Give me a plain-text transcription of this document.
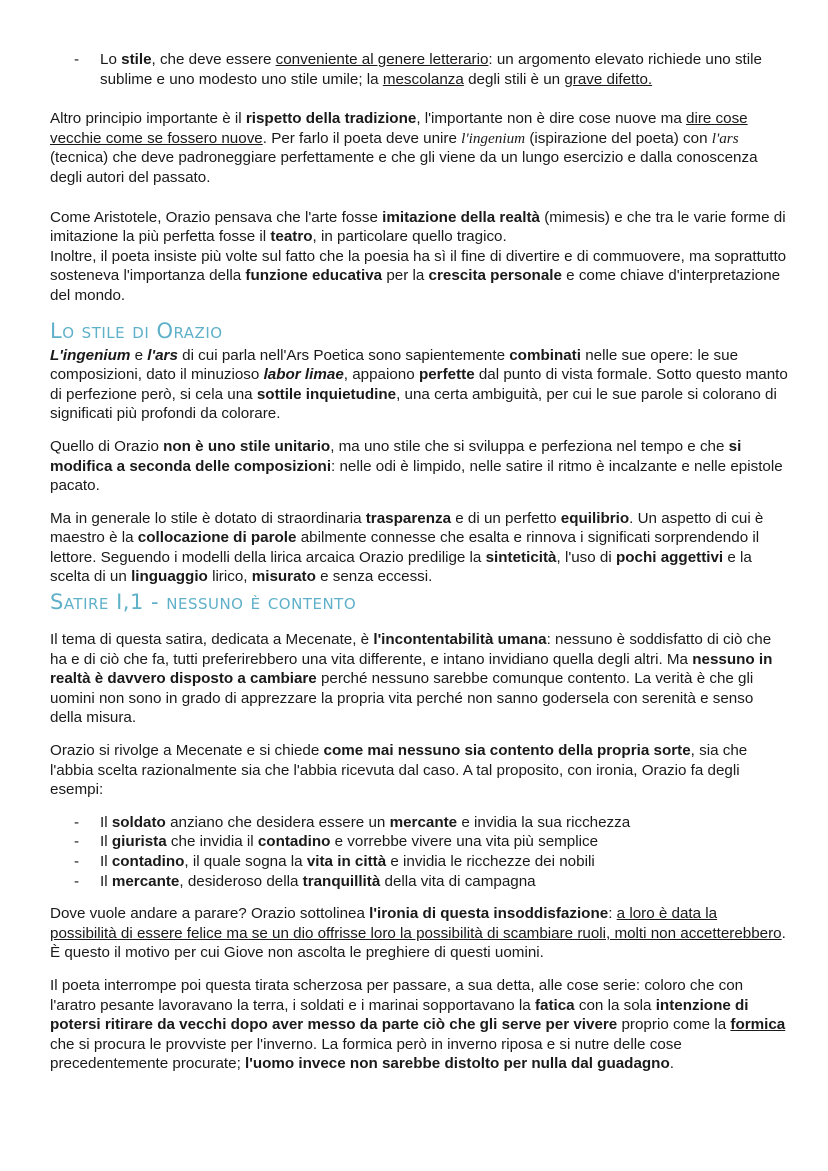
- Lo stile, che deve essere conveniente al genere letterario: un argomento elevato richiede uno stile sublime e uno modesto uno stile umile; la mescolanza degli stili è un grave difetto.

Altro principio importante è il rispetto della tradizione, l'importante non è dire cose nuove ma dire cose vecchie come se fossero nuove. Per farlo il poeta deve unire l'ingenium (ispirazione del poeta) con l'ars (tecnica) che deve padroneggiare perfettamente e che gli viene da un lungo esercizio e dalla conoscenza degli autori del passato.

Come Aristotele, Orazio pensava che l'arte fosse imitazione della realtà (mimesis) e che tra le varie forme di imitazione la più perfetta fosse il teatro, in particolare quello tragico.

Inoltre, il poeta insiste più volte sul fatto che la poesia ha sì il fine di divertire e di commuovere, ma soprattutto sosteneva l'importanza della funzione educativa per la crescita personale e come chiave d'interpretazione del mondo.

Lo stile di Orazio

L'ingenium e l'ars di cui parla nell'Ars Poetica sono sapientemente combinati nelle sue opere: le sue composizioni, dato il minuzioso labor limae, appaiono perfette dal punto di vista formale. Sotto questo manto di perfezione però, si cela una sottile inquietudine, una certa ambiguità, per cui le sue parole si colorano di significati più profondi da colorare.

Quello di Orazio non è uno stile unitario, ma uno stile che si sviluppa e perfeziona nel tempo e che si modifica a seconda delle composizioni: nelle odi è limpido, nelle satire il ritmo è incalzante e nelle epistole pacato.

Ma in generale lo stile è dotato di straordinaria trasparenza e di un perfetto equilibrio. Un aspetto di cui è maestro è la collocazione di parole abilmente connesse che esalta e rinnova i significati sorprendendo il lettore. Seguendo i modelli della lirica arcaica Orazio predilige la sinteticità, l'uso di pochi aggettivi e la scelta di un linguaggio lirico, misurato e senza eccessi.

Satire I,1 - nessuno è contento

Il tema di questa satira, dedicata a Mecenate, è l'incontentabilità umana: nessuno è soddisfatto di ciò che ha e di ciò che fa, tutti preferirebbero una vita differente, e intano invidiano quella degli altri. Ma nessuno in realtà è davvero disposto a cambiare perché nessuno sarebbe comunque contento. La verità è che gli uomini non sono in grado di apprezzare la propria vita perché non sanno godersela con serenità e senso della misura.

Orazio si rivolge a Mecenate e si chiede come mai nessuno sia contento della propria sorte, sia che l'abbia scelta razionalmente sia che l'abbia ricevuta dal caso. A tal proposito, con ironia, Orazio fa degli esempi:

- Il soldato anziano che desidera essere un mercante e invidia la sua ricchezza
- Il giurista che invidia il contadino e vorrebbe vivere una vita più semplice
- Il contadino, il quale sogna la vita in città e invidia le ricchezze dei nobili
- Il mercante, desideroso della tranquillità della vita di campagna

Dove vuole andare a parare? Orazio sottolinea l'ironia di questa insoddisfazione: a loro è data la possibilità di essere felice ma se un dio offrisse loro la possibilità di scambiare ruoli, molti non accetterebbero. È questo il motivo per cui Giove non ascolta le preghiere di questi uomini.

Il poeta interrompe poi questa tirata scherzosa per passare, a sua detta, alle cose serie: coloro che con l'aratro pesante lavoravano la terra, i soldati e i marinai sopportavano la fatica con la sola intenzione di potersi ritirare da vecchi dopo aver messo da parte ciò che gli serve per vivere proprio come la formica che si procura le provviste per l'inverno. La formica però in inverno riposa e si nutre delle cose precedentemente procurate; l'uomo invece non sarebbe distolto per nulla dal guadagno.
